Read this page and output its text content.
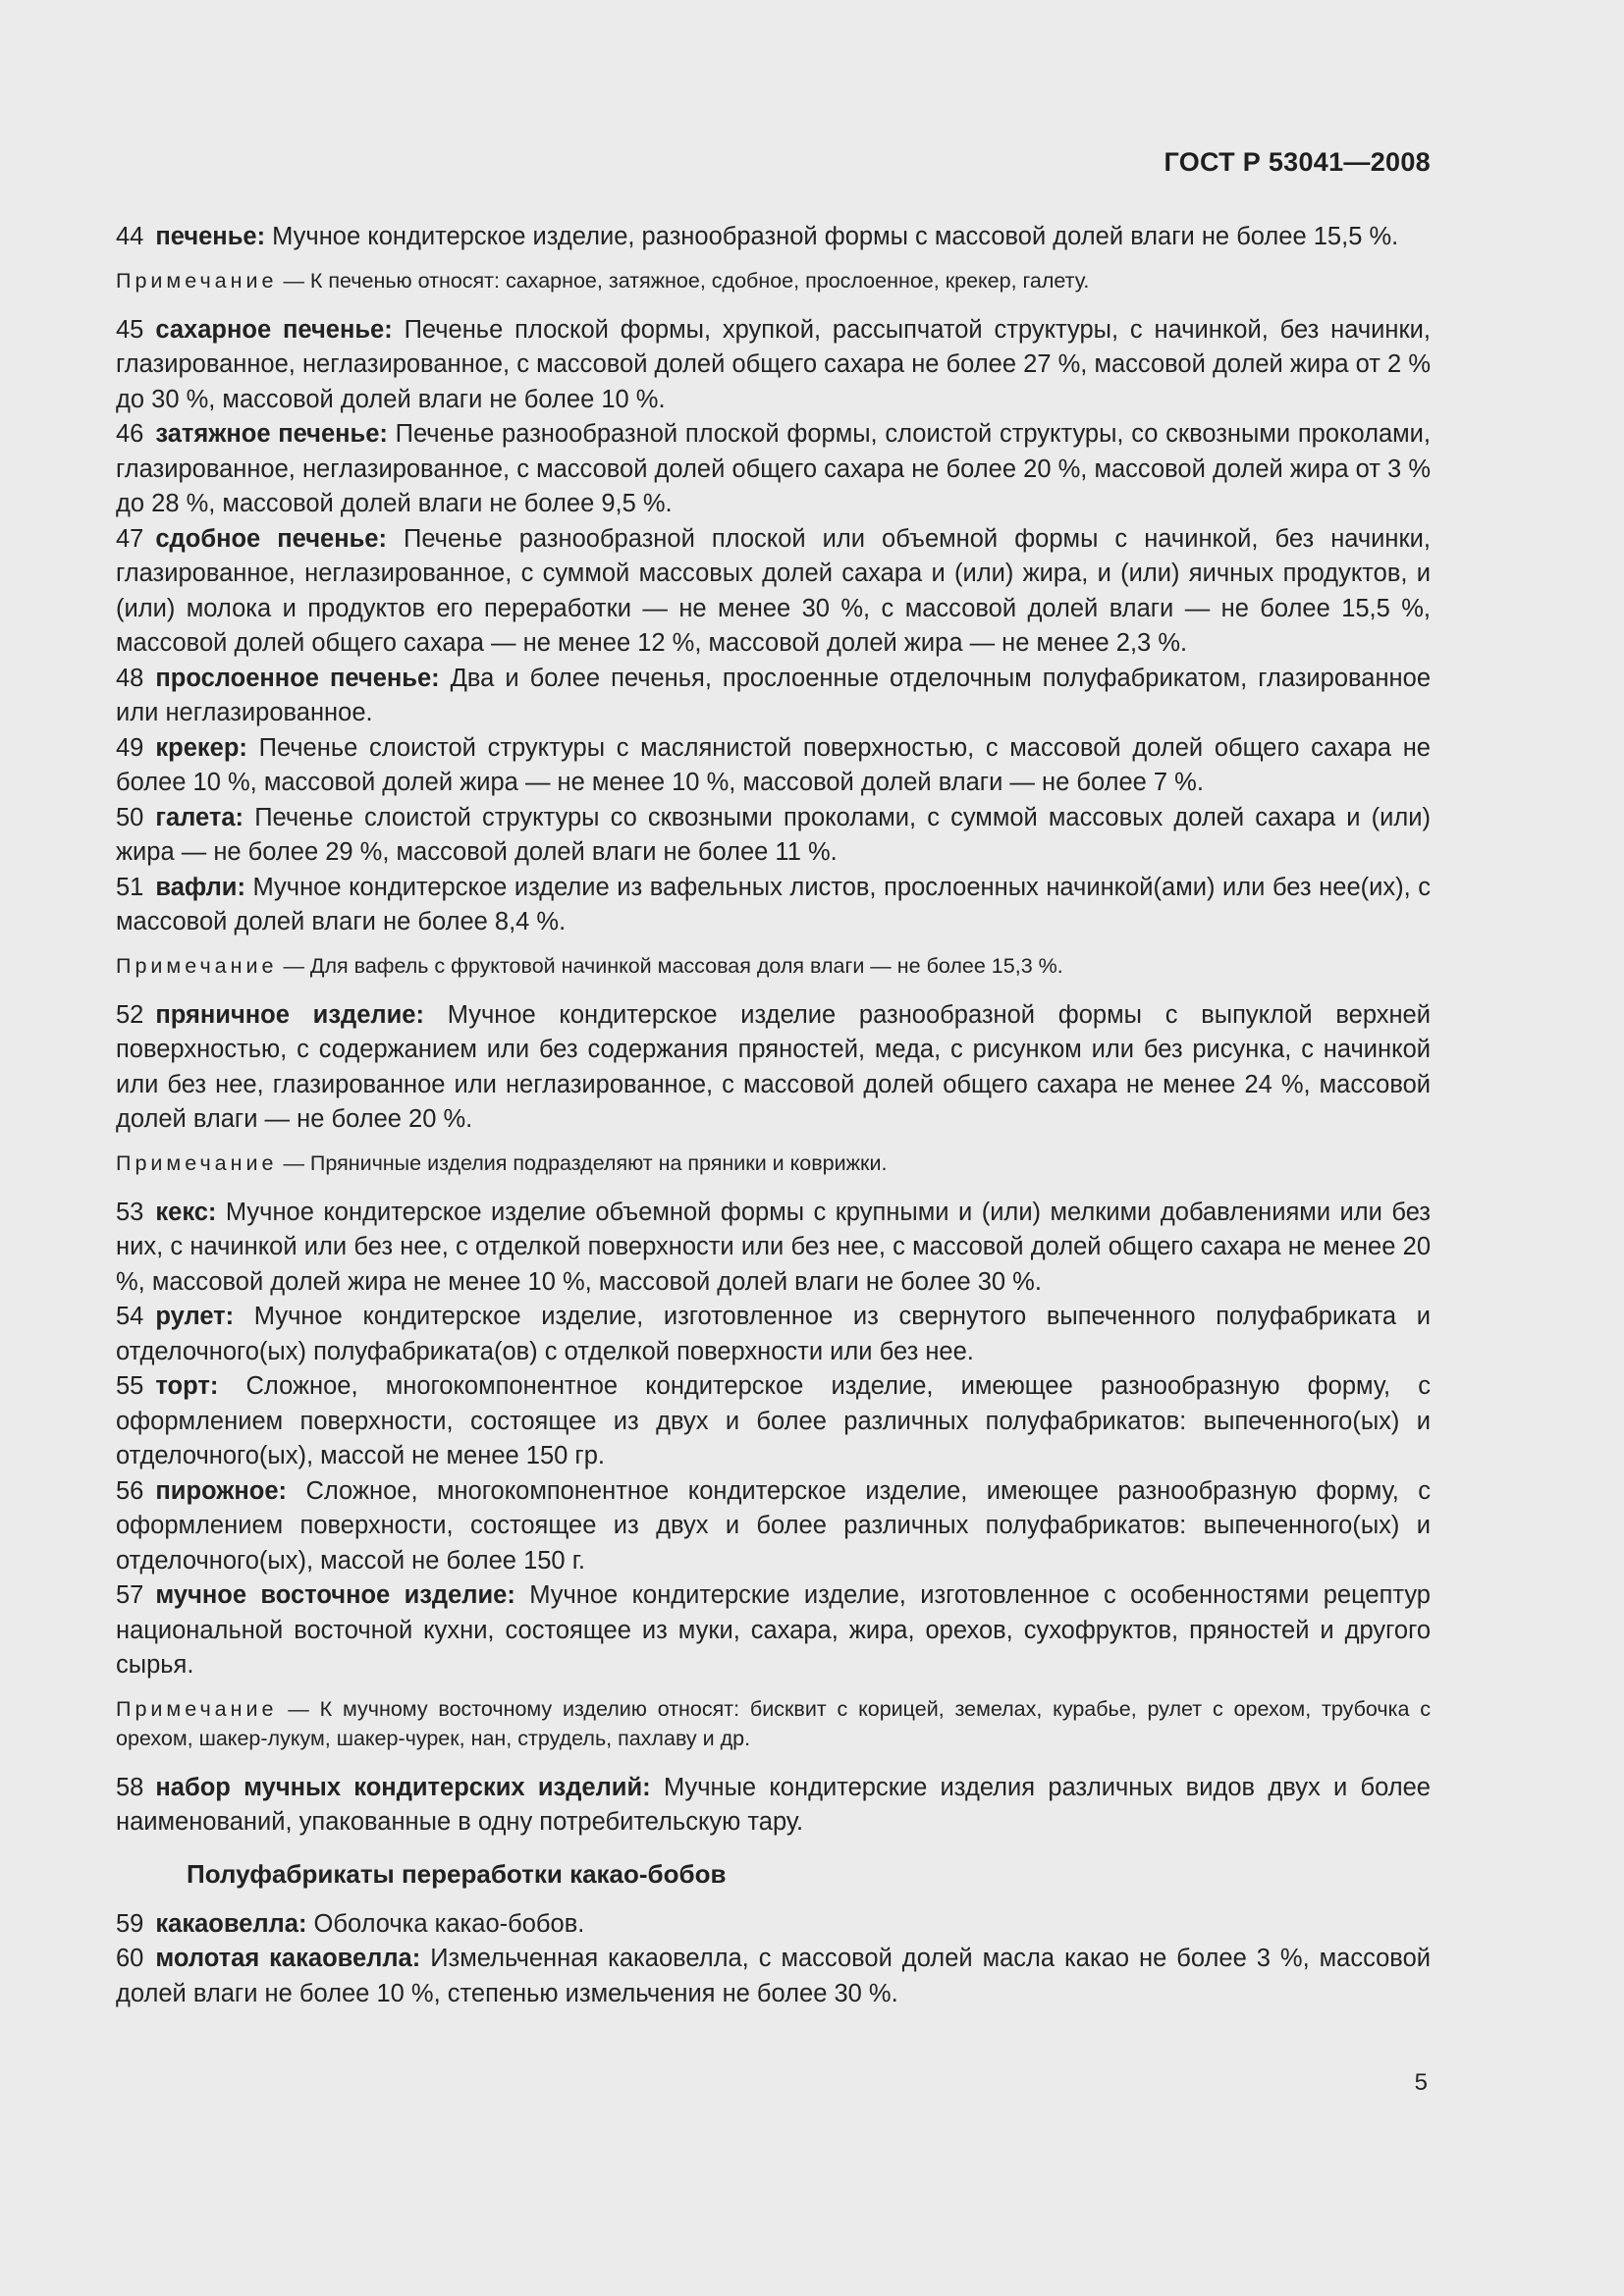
ГОСТ Р 53041—2008

44 печенье: Мучное кондитерское изделие, разнообразной формы с массовой долей влаги не более 15,5 %.

Примечание — К печенью относят: сахарное, затяжное, сдобное, прослоенное, крекер, галету.

45 сахарное печенье: Печенье плоской формы, хрупкой, рассыпчатой структуры, с начинкой, без начинки, глазированное, неглазированное, с массовой долей общего сахара не более 27 %, массовой долей жира от 2 % до 30 %, массовой долей влаги не более 10 %.

46 затяжное печенье: Печенье разнообразной плоской формы, слоистой структуры, со сквозными проколами, глазированное, неглазированное, с массовой долей общего сахара не более 20 %, массовой долей жира от 3 % до 28 %, массовой долей влаги не более 9,5 %.

47 сдобное печенье: Печенье разнообразной плоской или объемной формы с начинкой, без начинки, глазированное, неглазированное, с суммой массовых долей сахара и (или) жира, и (или) яичных продуктов, и (или) молока и продуктов его переработки — не менее 30 %, с массовой долей влаги — не более 15,5 %, массовой долей общего сахара — не менее 12 %, массовой долей жира — не менее 2,3 %.

48 прослоенное печенье: Два и более печенья, прослоенные отделочным полуфабрикатом, глазированное или неглазированное.

49 крекер: Печенье слоистой структуры с маслянистой поверхностью, с массовой долей общего сахара не более 10 %, массовой долей жира — не менее 10 %, массовой долей влаги — не более 7 %.

50 галета: Печенье слоистой структуры со сквозными проколами, с суммой массовых долей сахара и (или) жира — не более 29 %, массовой долей влаги не более 11 %.

51 вафли: Мучное кондитерское изделие из вафельных листов, прослоенных начинкой(ами) или без нее(их), с массовой долей влаги не более 8,4 %.

Примечание — Для вафель с фруктовой начинкой массовая доля влаги — не более 15,3 %.

52 пряничное изделие: Мучное кондитерское изделие разнообразной формы с выпуклой верхней поверхностью, с содержанием или без содержания пряностей, меда, с рисунком или без рисунка, с начинкой или без нее, глазированное или неглазированное, с массовой долей общего сахара не менее 24 %, массовой долей влаги — не более 20 %.

Примечание — Пряничные изделия подразделяют на пряники и коврижки.

53 кекс: Мучное кондитерское изделие объемной формы с крупными и (или) мелкими добавлениями или без них, с начинкой или без нее, с отделкой поверхности или без нее, с массовой долей общего сахара не менее 20 %, массовой долей жира не менее 10 %, массовой долей влаги не более 30 %.

54 рулет: Мучное кондитерское изделие, изготовленное из свернутого выпеченного полуфабриката и отделочного(ых) полуфабриката(ов) с отделкой поверхности или без нее.

55 торт: Сложное, многокомпонентное кондитерское изделие, имеющее разнообразную форму, с оформлением поверхности, состоящее из двух и более различных полуфабрикатов: выпеченного(ых) и отделочного(ых), массой не менее 150 гр.

56 пирожное: Сложное, многокомпонентное кондитерское изделие, имеющее разнообразную форму, с оформлением поверхности, состоящее из двух и более различных полуфабрикатов: выпеченного(ых) и отделочного(ых), массой не более 150 г.

57 мучное восточное изделие: Мучное кондитерские изделие, изготовленное с особенностями рецептур национальной восточной кухни, состоящее из муки, сахара, жира, орехов, сухофруктов, пряностей и другого сырья.

Примечание — К мучному восточному изделию относят: бисквит с корицей, земелах, курабье, рулет с орехом, трубочка с орехом, шакер-лукум, шакер-чурек, нан, струдель, пахлаву и др.

58 набор мучных кондитерских изделий: Мучные кондитерские изделия различных видов двух и более наименований, упакованные в одну потребительскую тару.

Полуфабрикаты переработки какао-бобов

59 какаовелла: Оболочка какао-бобов.

60 молотая какаовелла: Измельченная какаовелла, с массовой долей масла какао не более 3 %, массовой долей влаги не более 10 %, степенью измельчения не более 30 %.

5
